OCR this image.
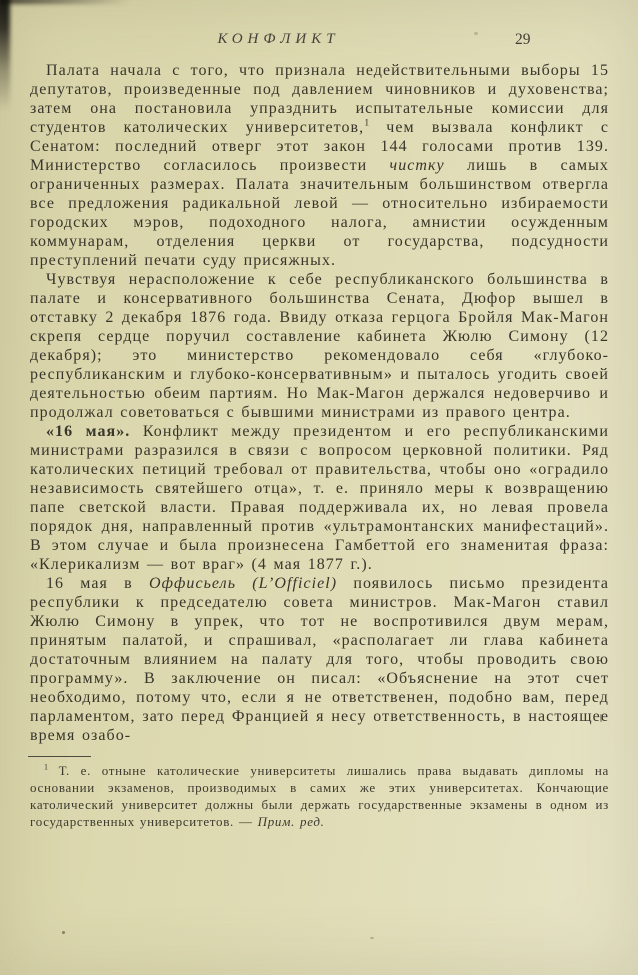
КОНФЛИКТ	29

Палата начала с того, что признала недействительными выборы 15 депутатов, произведенные под давлением чиновников и духовенства; затем она постановила упразднить испытательные комиссии для студентов католических университетов,$^1$ чем вызвала конфликт с Сенатом: последний отверг этот закон 144 голосами против 139. Министерство согласилось произвести чистку лишь в самых ограниченных размерах. Палата значительным большинством отвергла все предложения радикальной левой — относительно избираемости городских мэров, подоходного налога, амнистии осужденным коммунарам, отделения церкви от государства, подсудности преступлений печати суду присяжных.

Чувствуя нерасположение к себе республиканского большинства в палате и консервативного большинства Сената, Дюфор вышел в отставку 2 декабря 1876 года. Ввиду отказа герцога Бройля Мак-Магон скрепя сердце поручил составление кабинета Жюлю Симону (12 декабря); это министерство рекомендовало себя «глубоко-республиканским и глубоко-консервативным» и пыталось угодить своей деятельностью обеим партиям. Но Мак-Магон держался недоверчиво и продолжал советоваться с бывшими министрами из правого центра.

«16 мая». Конфликт между президентом и его республиканскими министрами разразился в связи с вопросом церковной политики. Ряд католических петиций требовал от правительства, чтобы оно «оградило независимость святейшего отца», т. е. приняло меры к возвращению папе светской власти. Правая поддерживала их, но левая провела порядок дня, направленный против «ультрамонтанских манифестаций». В этом случае и была произнесена Гамбеттой его знаменитая фраза: «Клерикализм — вот враг» (4 мая 1877 г.).

16 мая в Оффисьель (L’Officiel) появилось письмо президента республики к председателю совета министров. Мак-Магон ставил Жюлю Симону в упрек, что тот не воспротивился двум мерам, принятым палатой, и спрашивал, «располагает ли глава кабинета достаточным влиянием на палату для того, чтобы проводить свою программу». В заключение он писал: «Объяснение на этот счет необходимо, потому что, если я не ответственен, подобно вам, перед парламентом, зато перед Францией я несу ответственность, в настоящее время озабо-

$^1$ Т. е. отныне католические университеты лишались права выдавать дипломы на основании экзаменов, производимых в самих же этих университетах. Кончающие католический университет должны были держать государственные экзамены в одном из государственных университетов. — Прим. ред.
